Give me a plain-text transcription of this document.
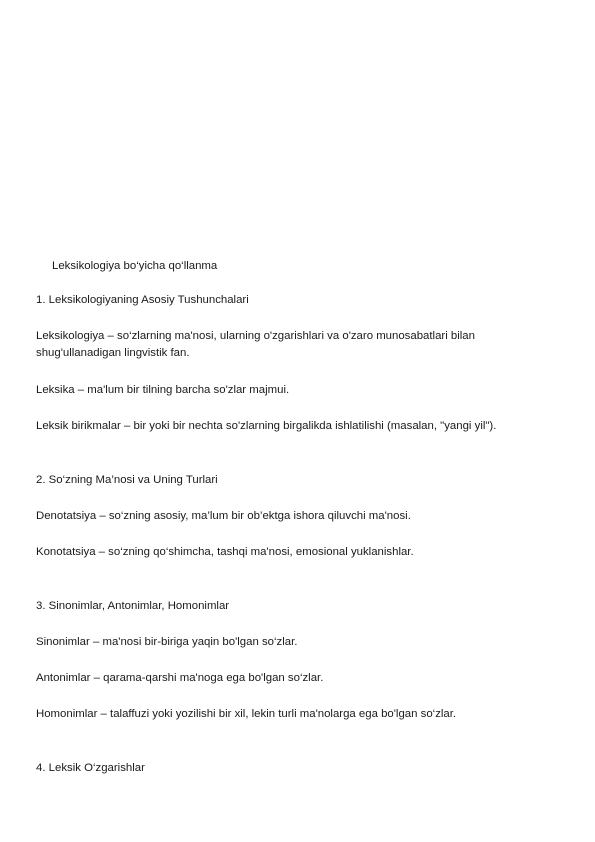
Leksikologiya bo‘yicha qo‘llanma

1. Leksikologiyaning Asosiy Tushunchalari

Leksikologiya – so‘zlarning ma'nosi, ularning o'zgarishlari va o'zaro munosabatlari bilan shug'ullanadigan lingvistik fan.

Leksika – ma'lum bir tilning barcha so'zlar majmui.

Leksik birikmalar – bir yoki bir nechta so'zlarning birgalikda ishlatilishi (masalan, "yangi yil").

2. So‘zning Ma’nosi va Uning Turlari

Denotatsiya – so‘zning asosiy, ma’lum bir ob’ektga ishora qiluvchi ma'nosi.

Konotatsiya – so‘zning qo‘shimcha, tashqi ma'nosi, emosional yuklanishlar.

3. Sinonimlar, Antonimlar, Homonimlar

Sinonimlar – ma'nosi bir-biriga yaqin bo'lgan so‘zlar.

Antonimlar – qarama-qarshi ma'noga ega bo'lgan so‘zlar.

Homonimlar – talaffuzi yoki yozilishi bir xil, lekin turli ma'nolarga ega bo'lgan so‘zlar.

4. Leksik O‘zgarishlar
